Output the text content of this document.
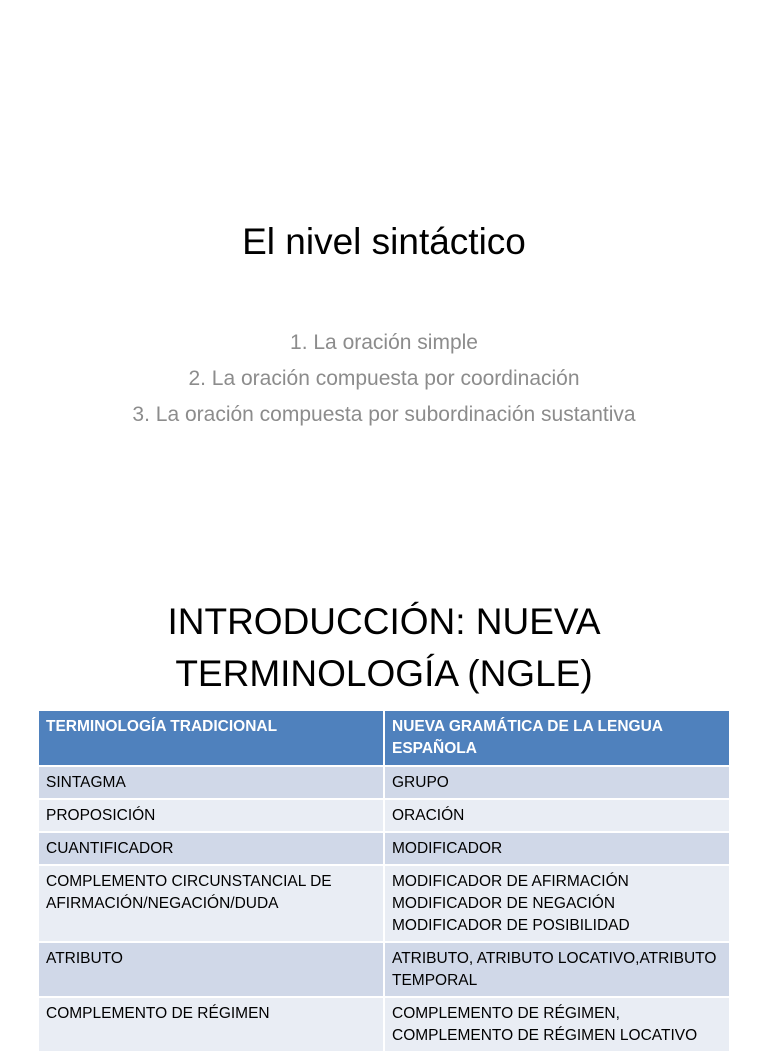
El nivel sintáctico
1. La oración simple
2. La oración compuesta por coordinación
3. La oración compuesta por subordinación sustantiva
INTRODUCCIÓN: NUEVA
TERMINOLOGÍA (NGLE)
TERMINOLOGÍA TRADICIONAL	NUEVA GRAMÁTICA DE LA LENGUA ESPAÑOLA
SINTAGMA	GRUPO
PROPOSICIÓN	ORACIÓN
CUANTIFICADOR	MODIFICADOR
COMPLEMENTO CIRCUNSTANCIAL DE AFIRMACIÓN/NEGACIÓN/DUDA	MODIFICADOR DE AFIRMACIÓN MODIFICADOR DE NEGACIÓN MODIFICADOR DE POSIBILIDAD
ATRIBUTO	ATRIBUTO, ATRIBUTO LOCATIVO,ATRIBUTO TEMPORAL
COMPLEMENTO DE RÉGIMEN	COMPLEMENTO DE RÉGIMEN, COMPLEMENTO DE RÉGIMEN LOCATIVO
